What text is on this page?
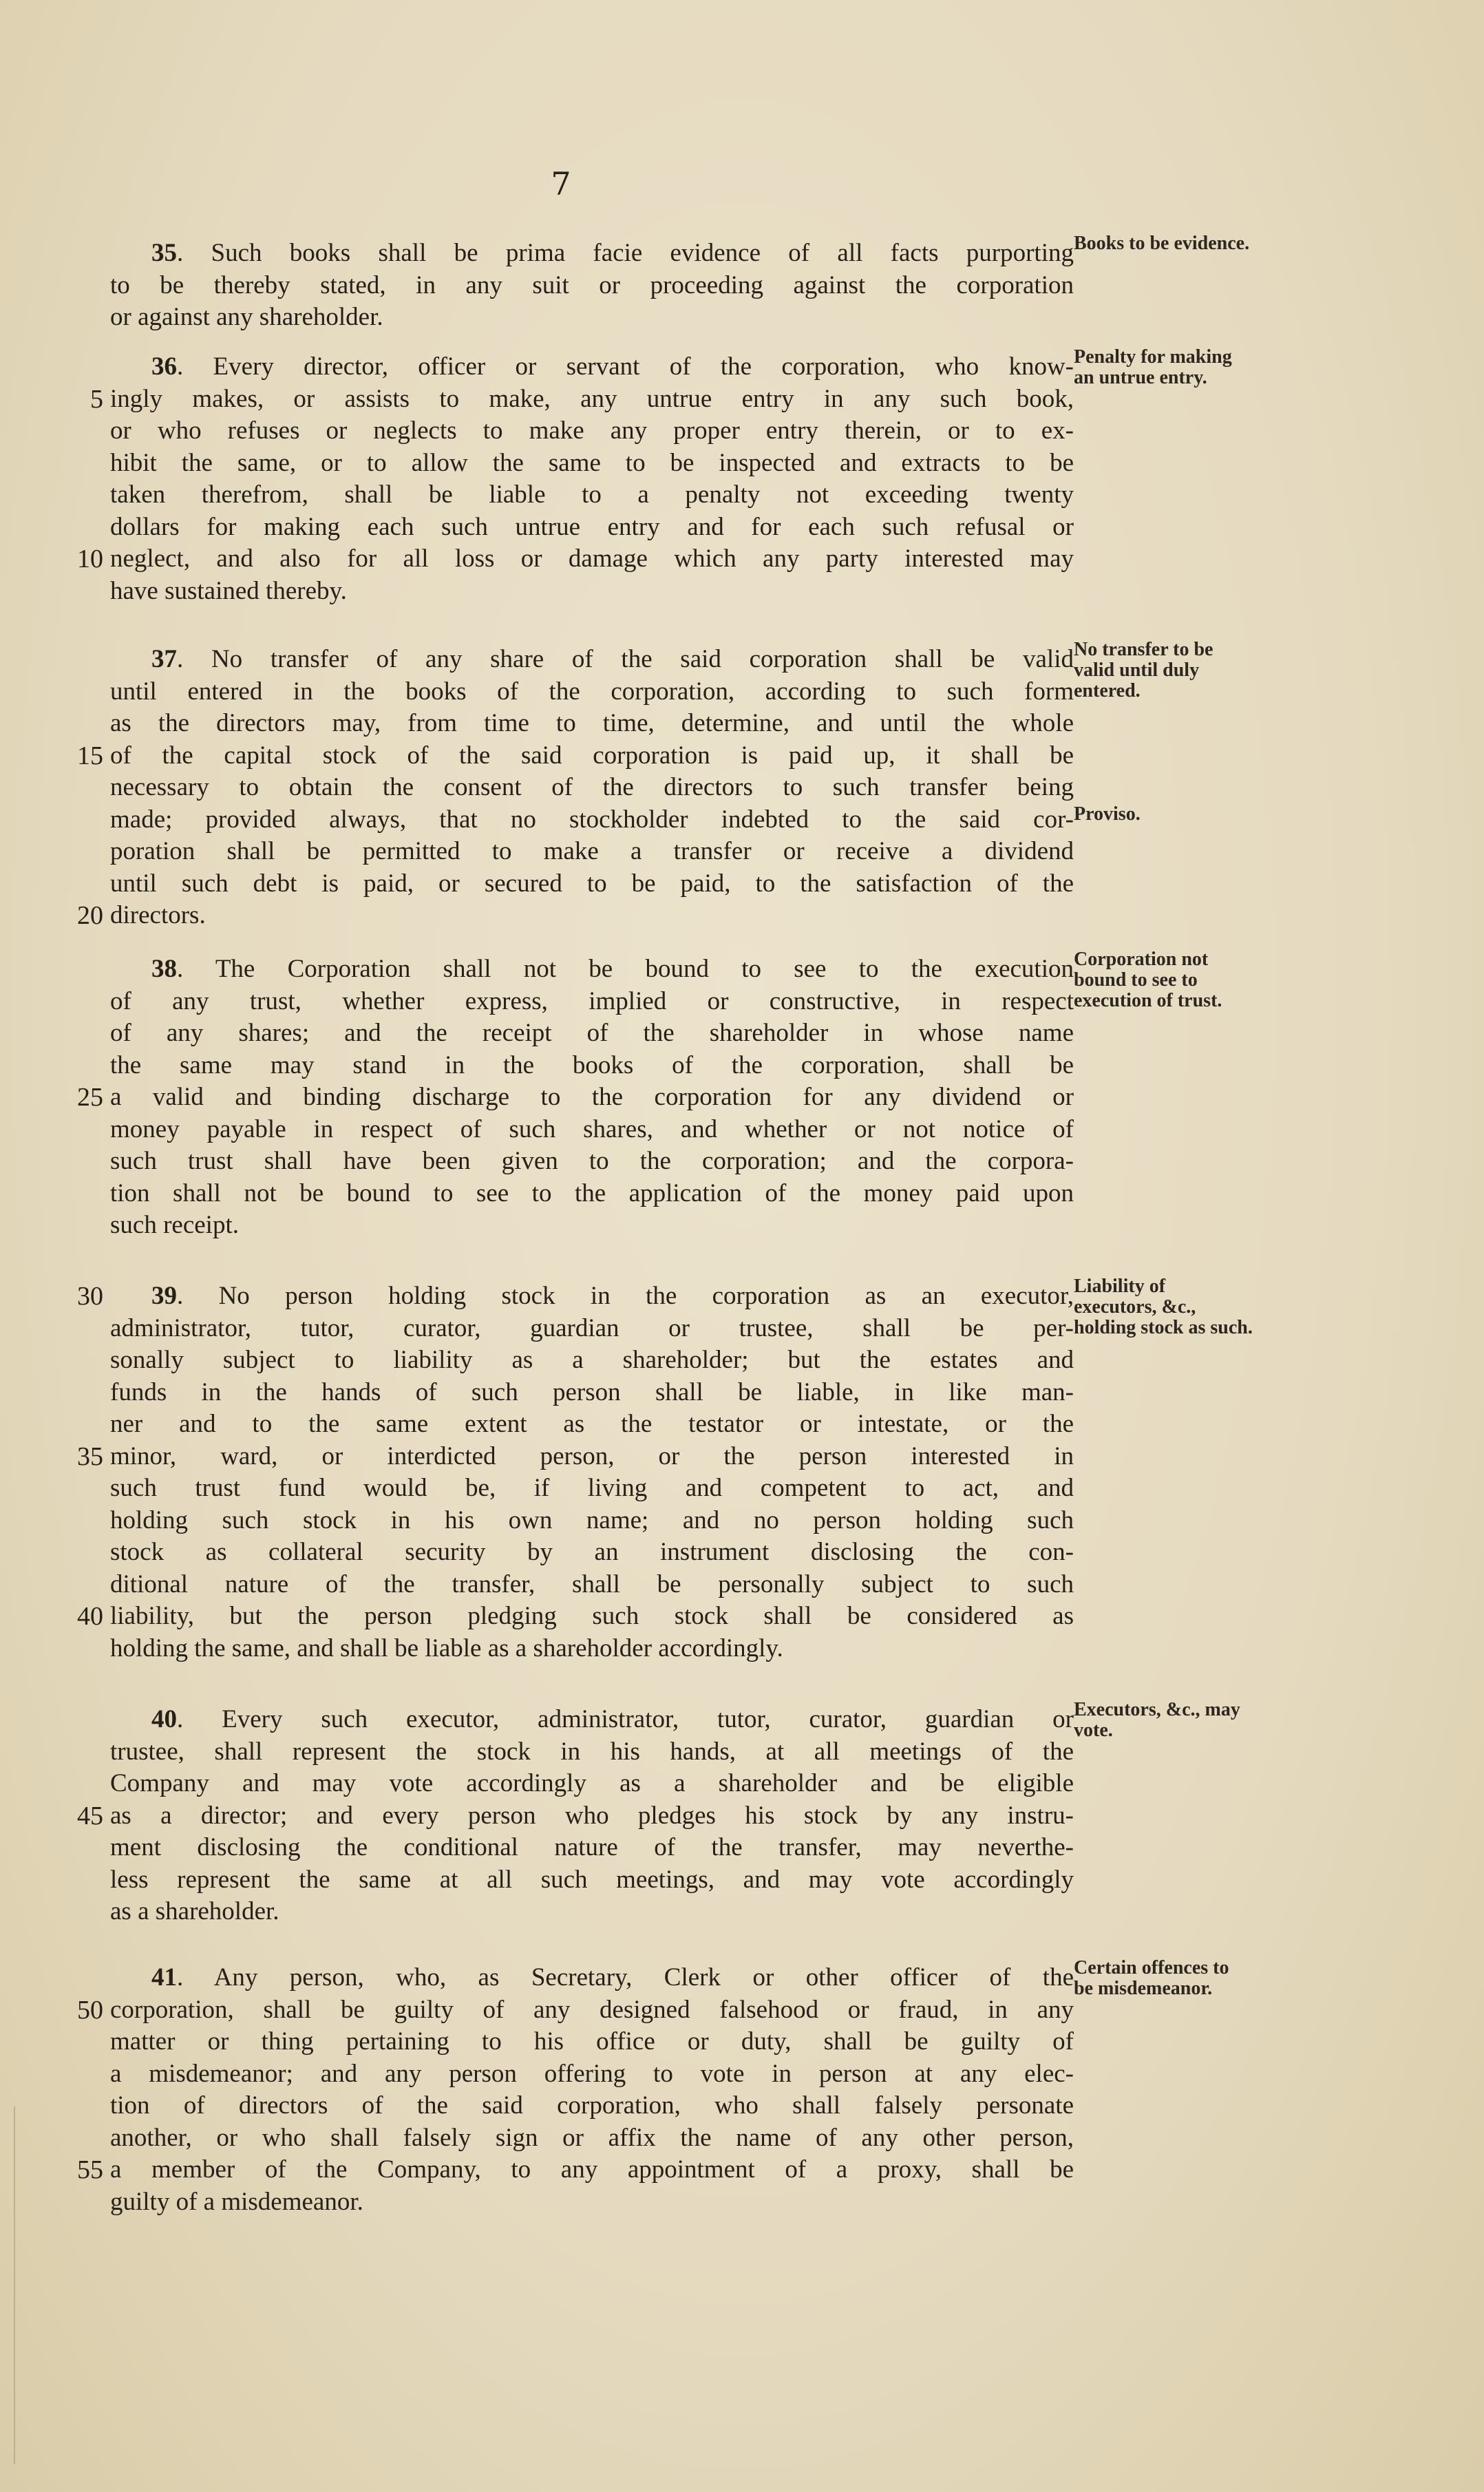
7
35. Such books shall be prima facie evidence of all facts purporting
to be thereby stated, in any suit or proceeding against the corporation
or against any shareholder.
Books to be evidence.
36. Every director, officer or servant of the corporation, who know-
ingly makes, or assists to make, any untrue entry in any such book,
5
or who refuses or neglects to make any proper entry therein, or to ex-
hibit the same, or to allow the same to be inspected and extracts to be
taken therefrom, shall be liable to a penalty not exceeding twenty
dollars for making each such untrue entry and for each such refusal or
neglect, and also for all loss or damage which any party interested may
10
have sustained thereby.
Penalty for making an untrue entry.
37. No transfer of any share of the said corporation shall be valid
until entered in the books of the corporation, according to such form
as the directors may, from time to time, determine, and until the whole
of the capital stock of the said corporation is paid up, it shall be
15
necessary to obtain the consent of the directors to such transfer being
made; provided always, that no stockholder indebted to the said cor-
poration shall be permitted to make a transfer or receive a dividend
until such debt is paid, or secured to be paid, to the satisfaction of the
directors.
20
No transfer to be valid until duly entered.
Proviso.
38. The Corporation shall not be bound to see to the execution
of any trust, whether express, implied or constructive, in respect
of any shares; and the receipt of the shareholder in whose name
the same may stand in the books of the corporation, shall be
a valid and binding discharge to the corporation for any dividend or
25
money payable in respect of such shares, and whether or not notice of
such trust shall have been given to the corporation; and the corpora-
tion shall not be bound to see to the application of the money paid upon
such receipt.
Corporation not bound to see to execution of trust.
39. No person holding stock in the corporation as an executor,
30
administrator, tutor, curator, guardian or trustee, shall be per-
sonally subject to liability as a shareholder; but the estates and
funds in the hands of such person shall be liable, in like man-
ner and to the same extent as the testator or intestate, or the
minor, ward, or interdicted person, or the person interested in
35
such trust fund would be, if living and competent to act, and
holding such stock in his own name; and no person holding such
stock as collateral security by an instrument disclosing the con-
ditional nature of the transfer, shall be personally subject to such
liability, but the person pledging such stock shall be considered as
40
holding the same, and shall be liable as a shareholder accordingly.
Liability of executors, &c., holding stock as such.
40. Every such executor, administrator, tutor, curator, guardian or
trustee, shall represent the stock in his hands, at all meetings of the
Company and may vote accordingly as a shareholder and be eligible
as a director; and every person who pledges his stock by any instru-
45
ment disclosing the conditional nature of the transfer, may neverthe-
less represent the same at all such meetings, and may vote accordingly
as a shareholder.
Executors, &c., may vote.
41. Any person, who, as Secretary, Clerk or other officer of the
corporation, shall be guilty of any designed falsehood or fraud, in any
50
matter or thing pertaining to his office or duty, shall be guilty of
a misdemeanor; and any person offering to vote in person at any elec-
tion of directors of the said corporation, who shall falsely personate
another, or who shall falsely sign or affix the name of any other person,
a member of the Company, to any appointment of a proxy, shall be
55
guilty of a misdemeanor.
Certain offences to be misdemeanor.
